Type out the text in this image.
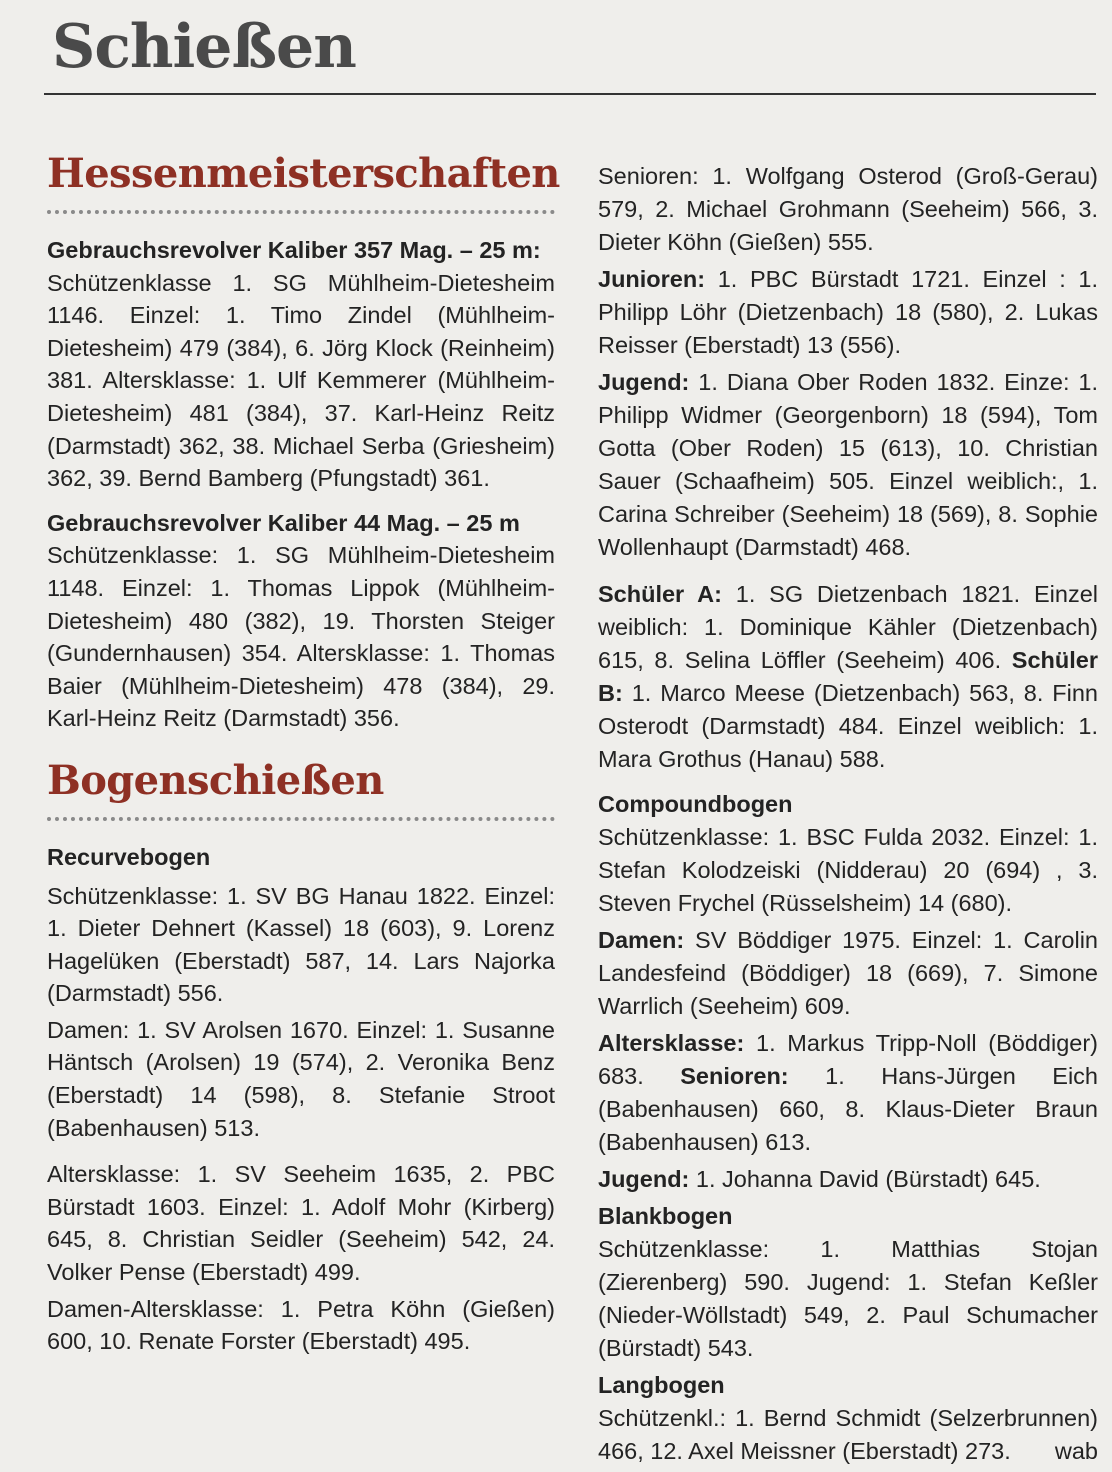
Schießen
Hessenmeisterschaften
Gebrauchsrevolver Kaliber 357 Mag. – 25 m:

Schützenklasse 1. SG Mühlheim-Dietesheim 1146. Einzel: 1. Timo Zindel (Mühlheim-Dietesheim) 479 (384), 6. Jörg Klock (Reinheim) 381. Altersklasse: 1. Ulf Kemmerer (Mühlheim-Dietesheim) 481 (384), 37. Karl-Heinz Reitz (Darmstadt) 362, 38. Michael Serba (Griesheim) 362, 39. Bernd Bamberg (Pfungstadt) 361.

Gebrauchsrevolver Kaliber 44 Mag. – 25 m

Schützenklasse: 1. SG Mühlheim-Dietesheim 1148. Einzel: 1. Thomas Lippok (Mühlheim-Dietesheim) 480 (382), 19. Thorsten Steiger (Gundernhausen) 354. Altersklasse: 1. Thomas Baier (Mühlheim-Dietesheim) 478 (384), 29. Karl-Heinz Reitz (Darmstadt) 356.

Bogenschießen
Recurvebogen

Schützenklasse: 1. SV BG Hanau 1822. Einzel: 1. Dieter Dehnert (Kassel) 18 (603), 9. Lorenz Hagelüken (Eberstadt) 587, 14. Lars Najorka (Darmstadt) 556.

Damen: 1. SV Arolsen 1670. Einzel: 1. Susanne Häntsch (Arolsen) 19 (574), 2. Veronika Benz (Eberstadt) 14 (598), 8. Stefanie Stroot (Babenhausen) 513.

Altersklasse: 1. SV Seeheim 1635, 2. PBC Bürstadt 1603. Einzel: 1. Adolf Mohr (Kirberg) 645, 8. Christian Seidler (Seeheim) 542, 24. Volker Pense (Eberstadt) 499.

Damen-Altersklasse: 1. Petra Köhn (Gießen) 600, 10. Renate Forster (Eberstadt) 495.

Senioren: 1. Wolfgang Osterod (Groß-Gerau) 579, 2. Michael Grohmann (Seeheim) 566, 3. Dieter Köhn (Gießen) 555.

Junioren: 1. PBC Bürstadt 1721. Einzel : 1. Philipp Löhr (Dietzenbach) 18 (580), 2. Lukas Reisser (Eberstadt) 13 (556).

Jugend: 1. Diana Ober Roden 1832. Einze: 1. Philipp Widmer (Georgenborn) 18 (594), Tom Gotta (Ober Roden) 15 (613), 10. Christian Sauer (Schaafheim) 505. Einzel weiblich:, 1. Carina Schreiber (Seeheim) 18 (569), 8. Sophie Wollenhaupt (Darmstadt) 468.

Schüler A: 1. SG Dietzenbach 1821. Einzel weiblich: 1. Dominique Kähler (Dietzenbach) 615, 8. Selina Löffler (Seeheim) 406. Schüler B: 1. Marco Meese (Dietzenbach) 563, 8. Finn Osterodt (Darmstadt) 484. Einzel weiblich: 1. Mara Grothus (Hanau) 588.

Compoundbogen

Schützenklasse: 1. BSC Fulda 2032. Einzel: 1. Stefan Kolodzeiski (Nidderau) 20 (694) , 3. Steven Frychel (Rüsselsheim) 14 (680).

Damen: SV Böddiger 1975. Einzel: 1. Carolin Landesfeind (Böddiger) 18 (669), 7. Simone Warrlich (Seeheim) 609.

Altersklasse: 1. Markus Tripp-Noll (Böddiger) 683. Senioren: 1. Hans-Jürgen Eich (Babenhausen) 660, 8. Klaus-Dieter Braun (Babenhausen) 613.

Jugend: 1. Johanna David (Bürstadt) 645.

Blankbogen

Schützenklasse: 1. Matthias Stojan (Zierenberg) 590. Jugend: 1. Stefan Keßler (Nieder-Wöllstadt) 549, 2. Paul Schumacher (Bürstadt) 543.

Langbogen

Schützenkl.: 1. Bernd Schmidt (Selzerbrunnen) 466, 12. Axel Meissner (Eberstadt) 273. wab
